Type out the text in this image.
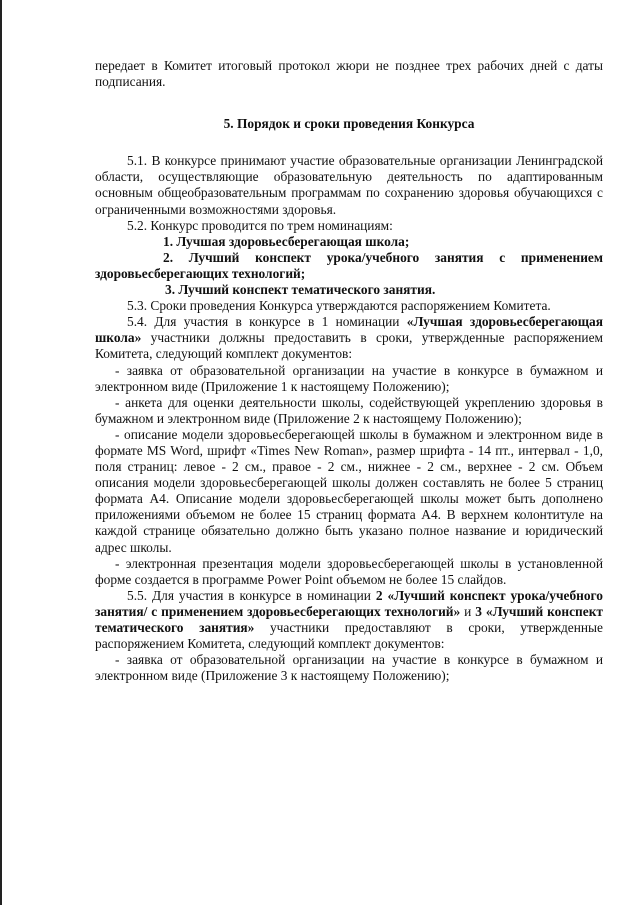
передает в Комитет итоговый протокол жюри не позднее трех рабочих дней с даты подписания.

5. Порядок и сроки проведения Конкурса

5.1. В конкурсе принимают участие образовательные организации Ленинградской области, осуществляющие образовательную деятельность по адаптированным основным общеобразовательным программам по сохранению здоровья обучающихся с ограниченными возможностями здоровья.

5.2. Конкурс проводится по трем номинациям:

1. Лучшая здоровьесберегающая школа;

2. Лучший конспект урока/учебного занятия с применением здоровьесберегающих технологий;

3. Лучший конспект тематического занятия.

5.3. Сроки проведения Конкурса утверждаются распоряжением Комитета.

5.4. Для участия в конкурсе в 1 номинации «Лучшая здоровьесберегающая школа» участники должны предоставить в сроки, утвержденные распоряжением Комитета, следующий комплект документов:

- заявка от образовательной организации на участие в конкурсе в бумажном и электронном виде (Приложение 1 к настоящему Положению);

- анкета для оценки деятельности школы, содействующей укреплению здоровья в бумажном и электронном виде (Приложение 2 к настоящему Положению);

- описание модели здоровьесберегающей школы в бумажном и электронном виде в формате MS Word, шрифт «Times New Roman», размер шрифта - 14 пт., интервал - 1,0, поля страниц: левое - 2 см., правое - 2 см., нижнее - 2 см., верхнее - 2 см. Объем описания модели здоровьесберегающей школы должен составлять не более 5 страниц формата А4. Описание модели здоровьесберегающей школы может быть дополнено приложениями объемом не более 15 страниц формата А4. В верхнем колонтитуле на каждой странице обязательно должно быть указано полное название и юридический адрес школы.

- электронная презентация модели здоровьесберегающей школы в установленной форме создается в программе Power Point объемом не более 15 слайдов.

5.5. Для участия в конкурсе в номинации 2 «Лучший конспект урока/учебного занятия/ с применением здоровьесберегающих технологий» и 3 «Лучший конспект тематического занятия» участники предоставляют в сроки, утвержденные распоряжением Комитета, следующий комплект документов:

- заявка от образовательной организации на участие в конкурсе в бумажном и электронном виде (Приложение 3 к настоящему Положению);
